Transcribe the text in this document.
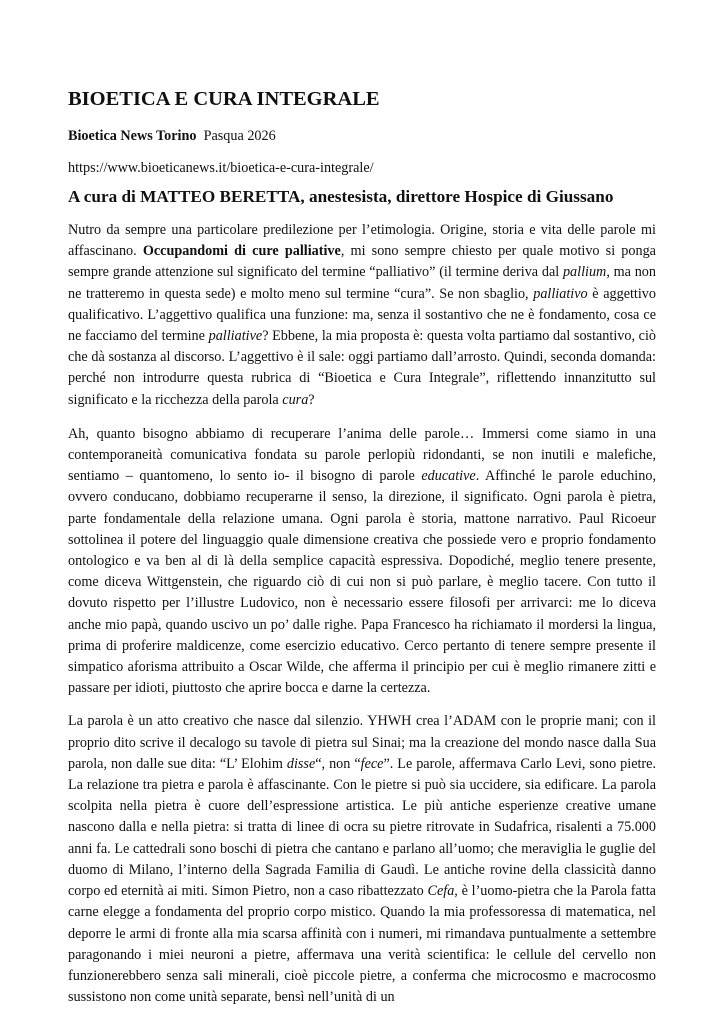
BIOETICA E CURA INTEGRALE
Bioetica News Torino Pasqua 2026
https://www.bioeticanews.it/bioetica-e-cura-integrale/
A cura di MATTEO BERETTA, anestesista, direttore Hospice di Giussano
Nutro da sempre una particolare predilezione per l’etimologia. Origine, storia e vita delle parole mi affascinano. Occupandomi di cure palliative, mi sono sempre chiesto per quale motivo si ponga sempre grande attenzione sul significato del termine “palliativo” (il termine deriva dal pallium, ma non ne tratteremo in questa sede) e molto meno sul termine “cura”. Se non sbaglio, palliativo è aggettivo qualificativo. L’aggettivo qualifica una funzione: ma, senza il sostantivo che ne è fondamento, cosa ce ne facciamo del termine palliative? Ebbene, la mia proposta è: questa volta partiamo dal sostantivo, ciò che dà sostanza al discorso. L’aggettivo è il sale: oggi partiamo dall’arrosto. Quindi, seconda domanda: perché non introdurre questa rubrica di “Bioetica e Cura Integrale”, riflettendo innanzitutto sul significato e la ricchezza della parola cura?
Ah, quanto bisogno abbiamo di recuperare l’anima delle parole… Immersi come siamo in una contemporaneità comunicativa fondata su parole perlopiù ridondanti, se non inutili e malefiche, sentiamo – quantomeno, lo sento io- il bisogno di parole educative. Affinché le parole educhino, ovvero conducano, dobbiamo recuperarne il senso, la direzione, il significato. Ogni parola è pietra, parte fondamentale della relazione umana. Ogni parola è storia, mattone narrativo. Paul Ricoeur sottolinea il potere del linguaggio quale dimensione creativa che possiede vero e proprio fondamento ontologico e va ben al di là della semplice capacità espressiva. Dopodiché, meglio tenere presente, come diceva Wittgenstein, che riguardo ciò di cui non si può parlare, è meglio tacere. Con tutto il dovuto rispetto per l’illustre Ludovico, non è necessario essere filosofi per arrivarci: me lo diceva anche mio papà, quando uscivo un po’ dalle righe. Papa Francesco ha richiamato il mordersi la lingua, prima di proferire maldicenze, come esercizio educativo. Cerco pertanto di tenere sempre presente il simpatico aforisma attribuito a Oscar Wilde, che afferma il principio per cui è meglio rimanere zitti e passare per idioti, piuttosto che aprire bocca e darne la certezza.
La parola è un atto creativo che nasce dal silenzio. YHWH crea l’ADAM con le proprie mani; con il proprio dito scrive il decalogo su tavole di pietra sul Sinai; ma la creazione del mondo nasce dalla Sua parola, non dalle sue dita: “L’ Elohim disse“, non “fece”. Le parole, affermava Carlo Levi, sono pietre. La relazione tra pietra e parola è affascinante. Con le pietre si può sia uccidere, sia edificare. La parola scolpita nella pietra è cuore dell’espressione artistica. Le più antiche esperienze creative umane nascono dalla e nella pietra: si tratta di linee di ocra su pietre ritrovate in Sudafrica, risalenti a 75.000 anni fa. Le cattedrali sono boschi di pietra che cantano e parlano all’uomo; che meraviglia le guglie del duomo di Milano, l’interno della Sagrada Familia di Gaudì. Le antiche rovine della classicità danno corpo ed eternità ai miti. Simon Pietro, non a caso ribattezzato Cefa, è l’uomo-pietra che la Parola fatta carne elegge a fondamenta del proprio corpo mistico. Quando la mia professoressa di matematica, nel deporre le armi di fronte alla mia scarsa affinità con i numeri, mi rimandava puntualmente a settembre paragonando i miei neuroni a pietre, affermava una verità scientifica: le cellule del cervello non funzionerebbero senza sali minerali, cioè piccole pietre, a conferma che microcosmo e macrocosmo sussistono non come unità separate, bensì nell’unità di un
